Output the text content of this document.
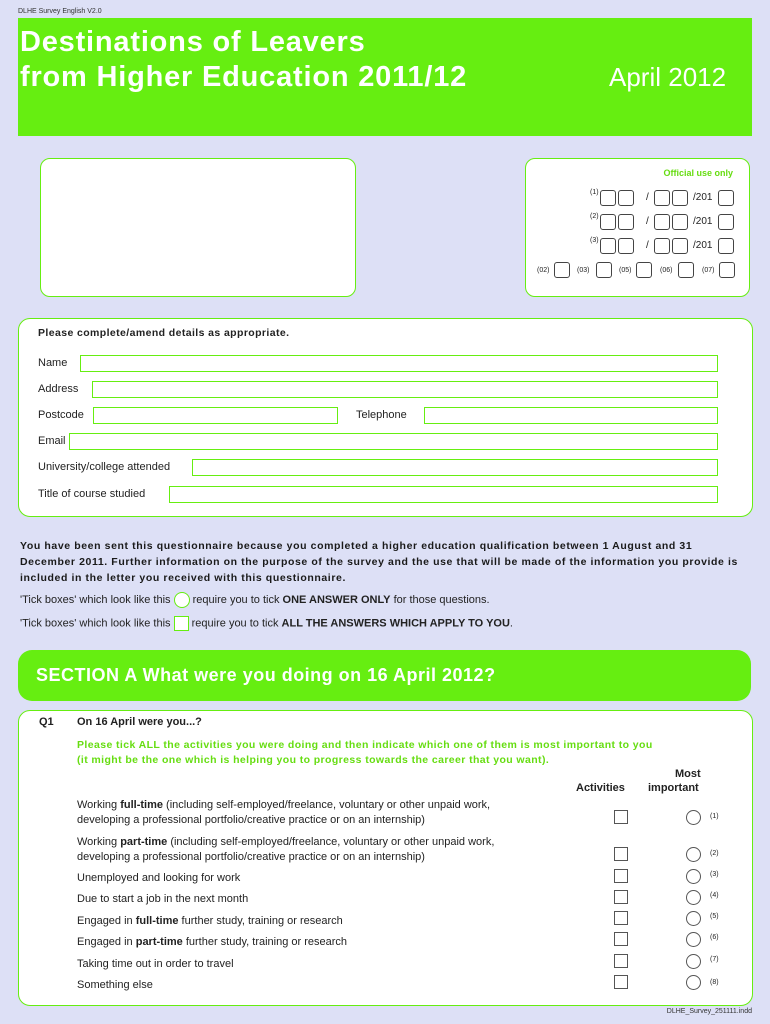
DLHE Survey English V2.0
Destinations of Leavers
from Higher Education 2011/12	April 2012
Official use only
(1)	/	/201
(2)	/	/201
(3)	/	/201
(02)	(03)	(05)	(06)	(07)
Please complete/amend details as appropriate.
Name
Address
Postcode	Telephone
Email
University/college attended
Title of course studied
You have been sent this questionnaire because you completed a higher education qualification between 1 August and 31 December 2011. Further information on the purpose of the survey and the use that will be made of the information you provide is included in the letter you received with this questionnaire.
'Tick boxes' which look like this require you to tick ONE ANSWER ONLY for those questions.
'Tick boxes' which look like this require you to tick ALL THE ANSWERS WHICH APPLY TO YOU.
SECTION A What were you doing on 16 April 2012?
Q1 On 16 April were you...?
Please tick ALL the activities you were doing and then indicate which one of them is most important to you
(it might be the one which is helping you to progress towards the career that you want).
Activities
Most
important
Working full-time (including self-employed/freelance, voluntary or other unpaid work,
developing a professional portfolio/creative practice or on an internship)	(1)
Working part-time (including self-employed/freelance, voluntary or other unpaid work,
developing a professional portfolio/creative practice or on an internship)	(2)
Unemployed and looking for work	(3)
Due to start a job in the next month	(4)
Engaged in full-time further study, training or research	(5)
Engaged in part-time further study, training or research	(6)
Taking time out in order to travel	(7)
Something else	(8)
DLHE_Survey_251111.indd
